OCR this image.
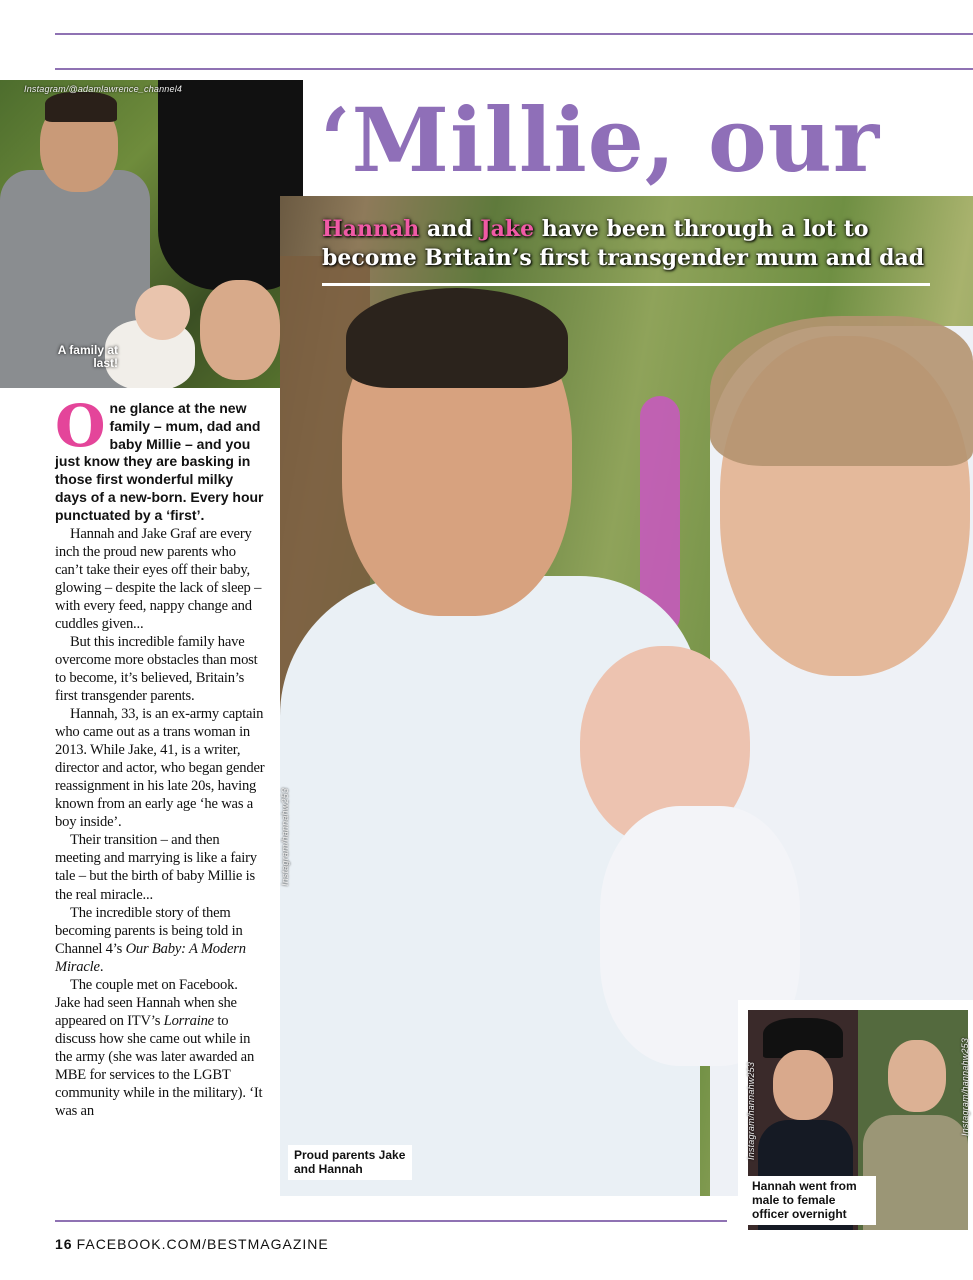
Instagram/@adamlawrence_channel4
A family at last!
Instagram/hannahw253
Proud parents Jake and Hannah
‘Millie, our

Hannah and Jake have been through a lot to become Britain’s first transgender mum and dad

Instagram/hannahw253	Instagram/hannahw253
Hannah went from male to female officer overnight

One glance at the new family – mum, dad and baby Millie – and you just know they are basking in those first wonderful milky days of a new-born. Every hour punctuated by a ‘first’.

Hannah and Jake Graf are every inch the proud new parents who can’t take their eyes off their baby, glowing – despite the lack of sleep – with every feed, nappy change and cuddles given...

But this incredible family have overcome more obstacles than most to become, it’s believed, Britain’s first transgender parents.

Hannah, 33, is an ex-army captain who came out as a trans woman in 2013. While Jake, 41, is a writer, director and actor, who began gender reassignment in his late 20s, having known from an early age ‘he was a boy inside’.

Their transition – and then meeting and marrying is like a fairy tale – but the birth of baby Millie is the real miracle...

The incredible story of them becoming parents is being told in Channel 4’s Our Baby: A Modern Miracle.

The couple met on Facebook. Jake had seen Hannah when she appeared on ITV’s Lorraine to discuss how she came out while in the army (she was later awarded an MBE for services to the LGBT community while in the military). ‘It was an

16 FACEBOOK.COM/BESTMAGAZINE
